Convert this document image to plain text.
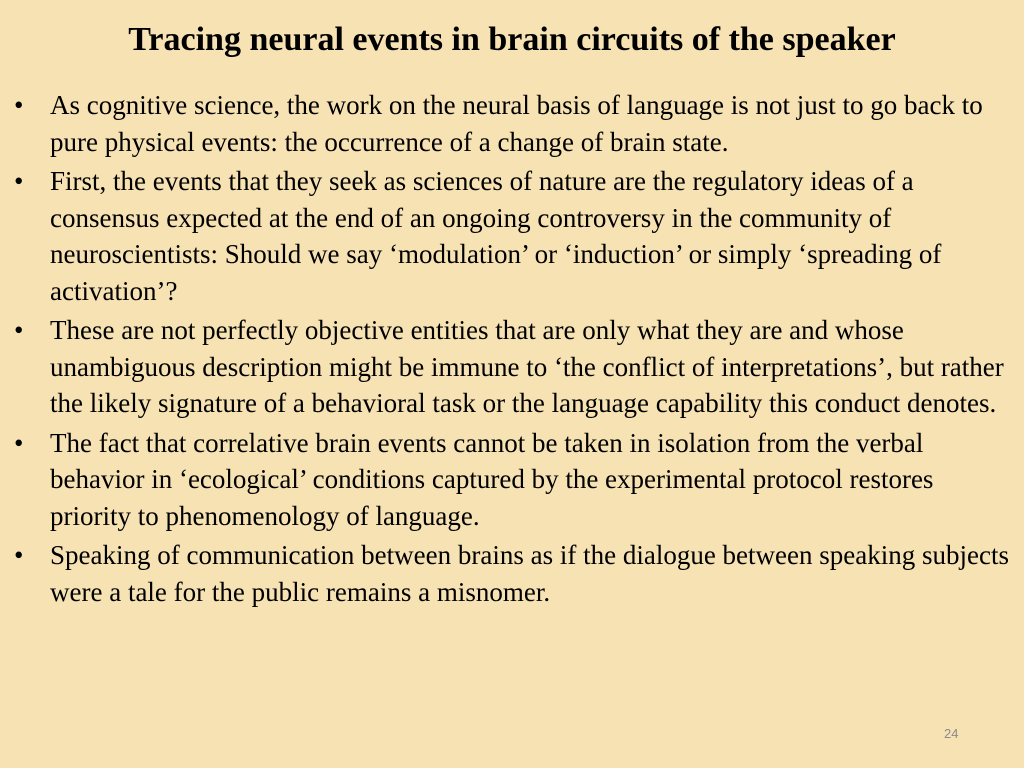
Tracing neural events in brain circuits of the speaker
• As cognitive science, the work on the neural basis of language is not just to go back to pure physical events: the occurrence of a change of brain state.
• First, the events that they seek as sciences of nature are the regulatory ideas of a consensus expected at the end of an ongoing controversy in the community of neuroscientists: Should we say ‘modulation’ or ‘induction’ or simply ‘spreading of activation’?
• These are not perfectly objective entities that are only what they are and whose unambiguous description might be immune to ‘the conflict of interpretations’, but rather the likely signature of a behavioral task or the language capability this conduct denotes.
• The fact that correlative brain events cannot be taken in isolation from the verbal behavior in ‘ecological’ conditions captured by the experimental protocol restores priority to phenomenology of language.
• Speaking of communication between brains as if the dialogue between speaking subjects were a tale for the public remains a misnomer.
24
